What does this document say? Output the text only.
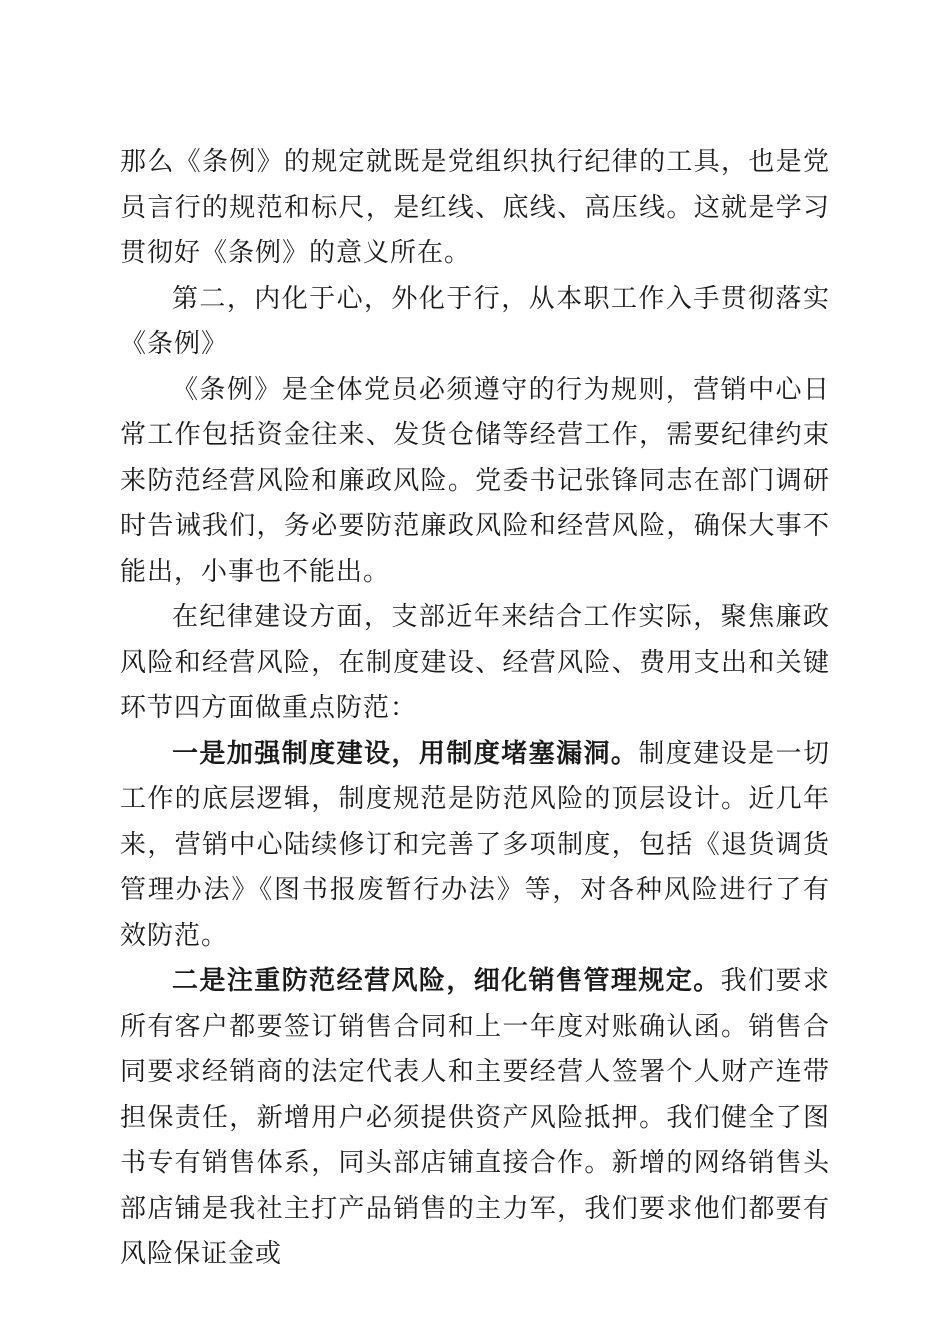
那么《条例》的规定就既是党组织执行纪律的工具，也是党员言行的规范和标尺，是红线、底线、高压线。这就是学习贯彻好《条例》的意义所在。

第二，内化于心，外化于行，从本职工作入手贯彻落实《条例》

《条例》是全体党员必须遵守的行为规则，营销中心日常工作包括资金往来、发货仓储等经营工作，需要纪律约束来防范经营风险和廉政风险。党委书记张锋同志在部门调研时告诫我们，务必要防范廉政风险和经营风险，确保大事不能出，小事也不能出。

在纪律建设方面，支部近年来结合工作实际，聚焦廉政风险和经营风险，在制度建设、经营风险、费用支出和关键环节四方面做重点防范：

一是加强制度建设，用制度堵塞漏洞。制度建设是一切工作的底层逻辑，制度规范是防范风险的顶层设计。近几年来，营销中心陆续修订和完善了多项制度，包括《退货调货管理办法》《图书报废暂行办法》等，对各种风险进行了有效防范。

二是注重防范经营风险，细化销售管理规定。我们要求所有客户都要签订销售合同和上一年度对账确认函。销售合同要求经销商的法定代表人和主要经营人签署个人财产连带担保责任，新增用户必须提供资产风险抵押。我们健全了图书专有销售体系，同头部店铺直接合作。新增的网络销售头部店铺是我社主打产品销售的主力军，我们要求他们都要有风险保证金或
